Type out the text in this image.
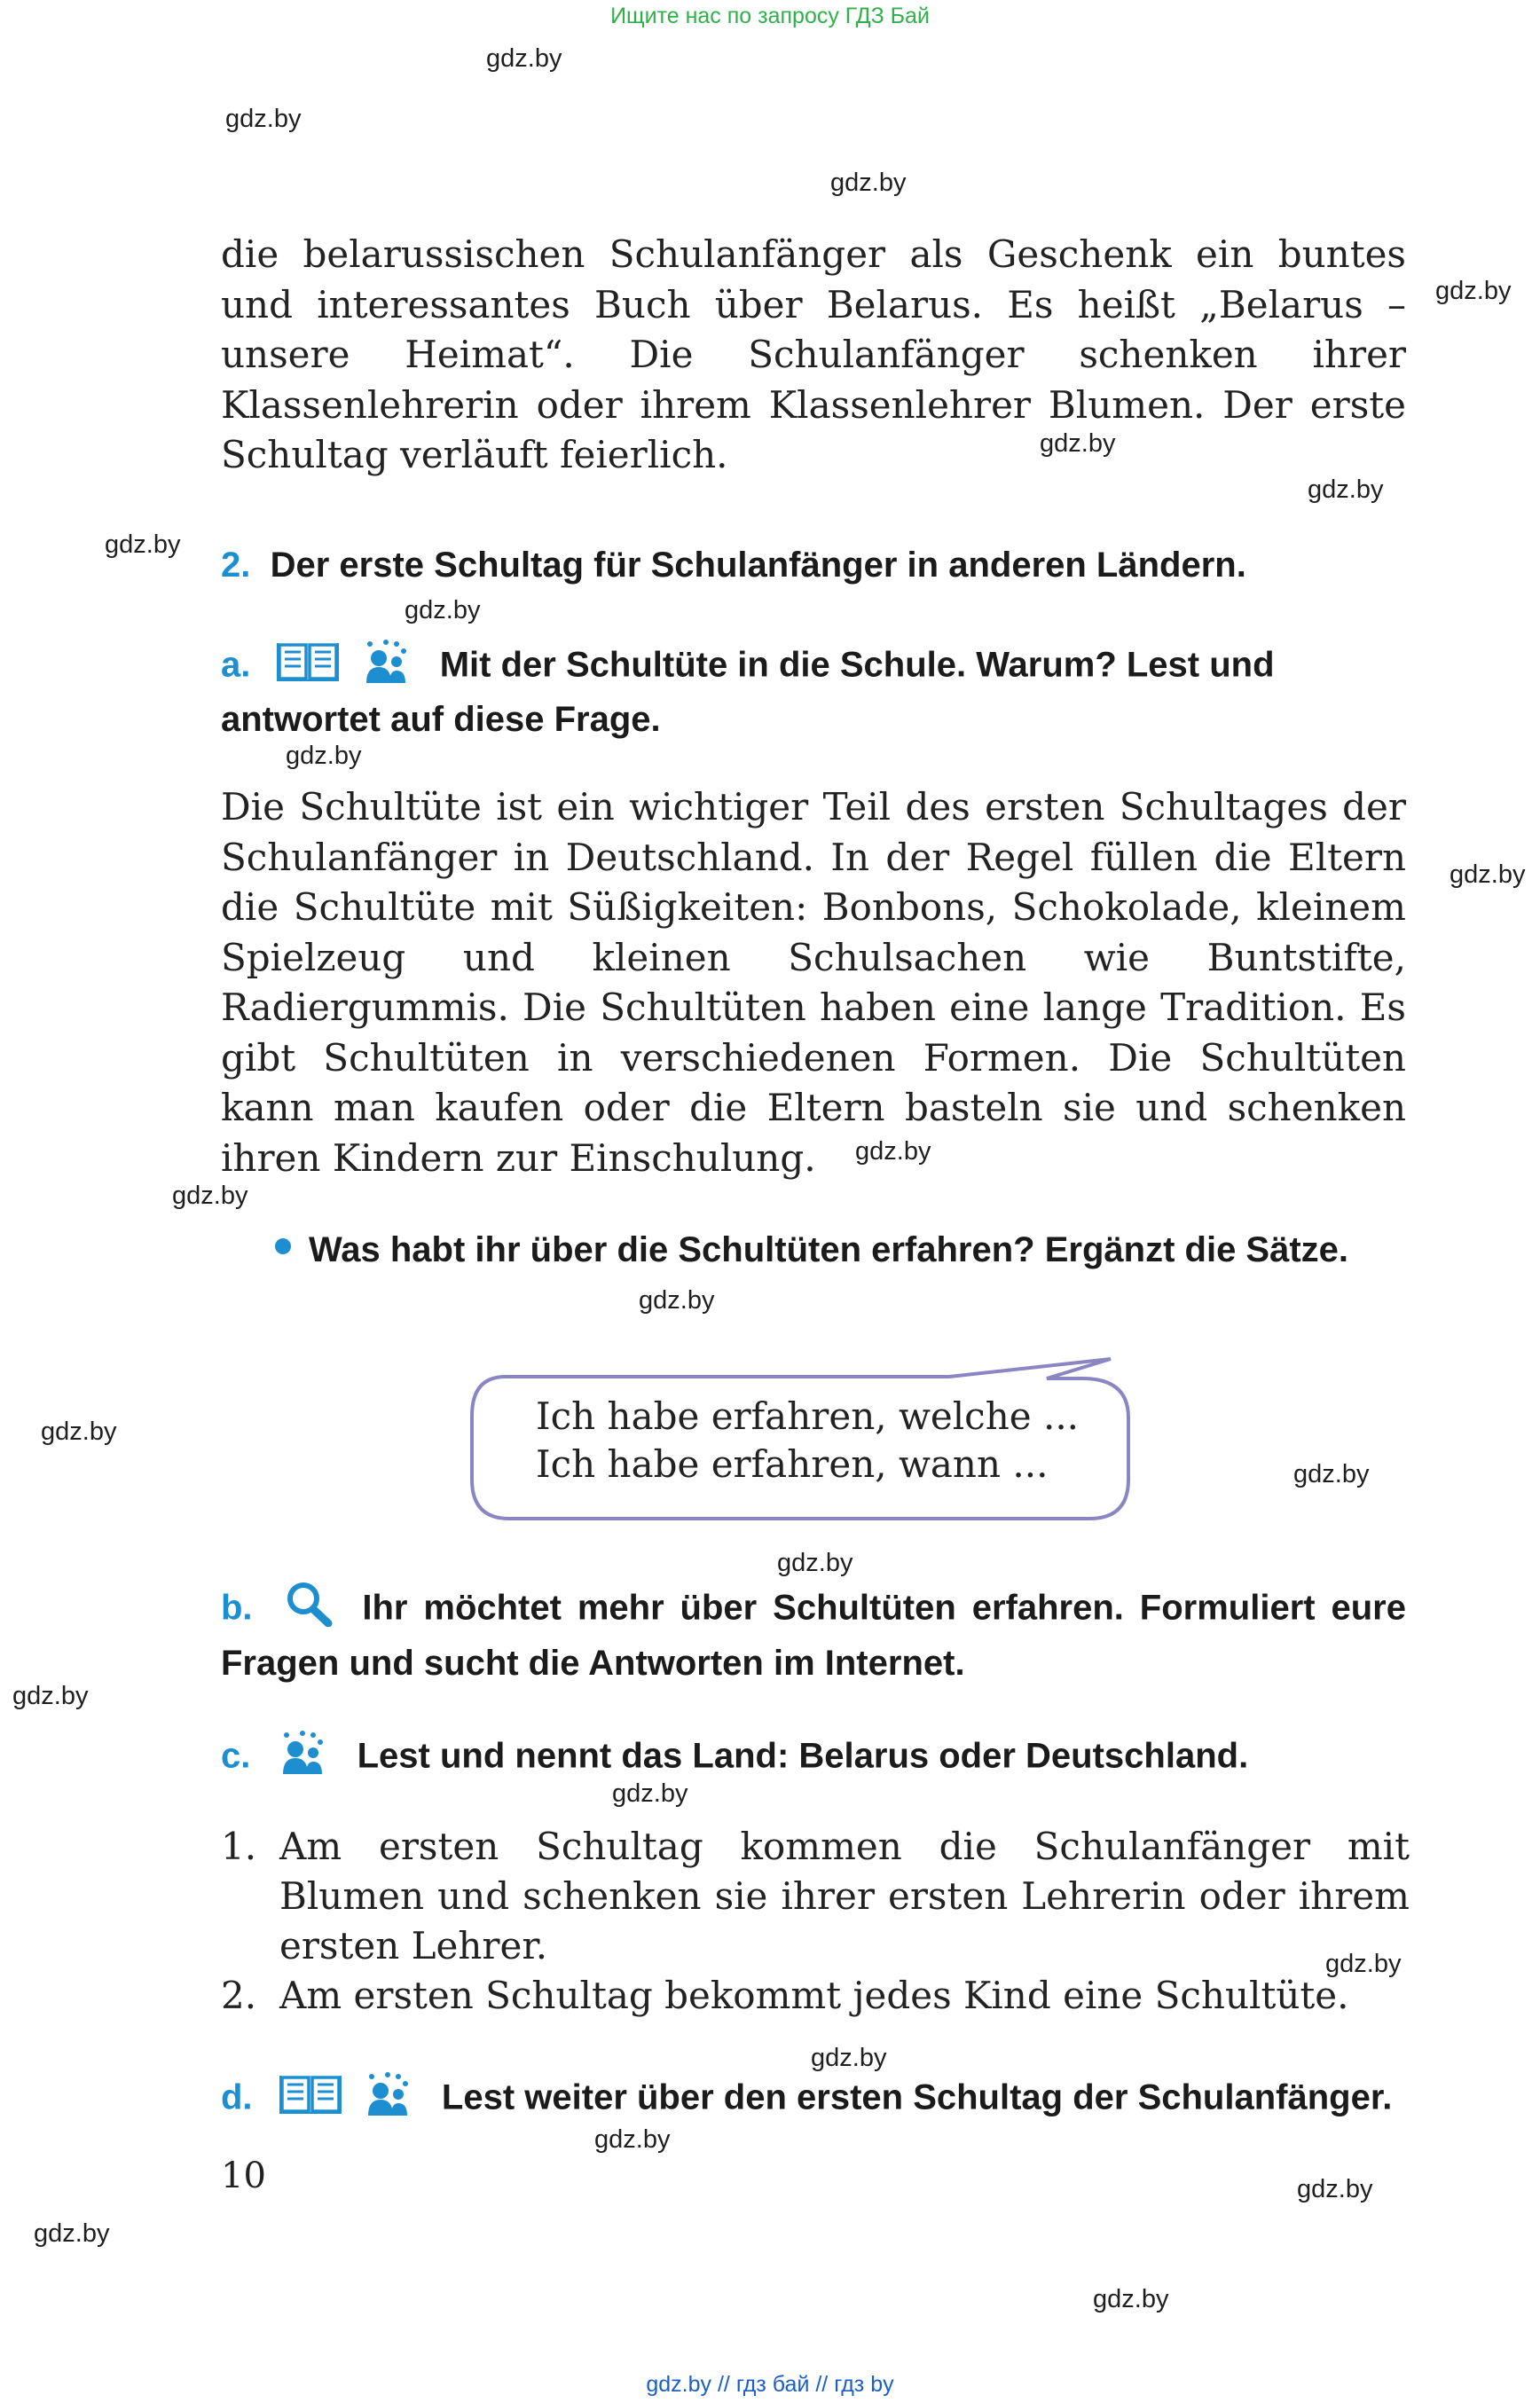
Ищите нас по запросу ГДЗ Бай
gdz.by
gdz.by
gdz.by
gdz.by
gdz.by
gdz.by
gdz.by
gdz.by
gdz.by
gdz.by
gdz.by
gdz.by
gdz.by
gdz.by
gdz.by
gdz.by
gdz.by
gdz.by
gdz.by
gdz.by
gdz.by
gdz.by
gdz.by
gdz.by
die belarussischen Schulanfänger als Geschenk ein buntes und interessantes Buch über Belarus. Es heißt „Belarus – unsere Heimat“. Die Schulanfänger schenken ihrer Klassenlehrerin oder ihrem Klassenlehrer Blumen. Der erste Schultag verläuft feierlich.
2. Der erste Schultag für Schulanfänger in anderen Ländern.
a.	Mit der Schultüte in die Schule. Warum? Lest und antwortet auf diese Frage.
Die Schultüte ist ein wichtiger Teil des ersten Schultages der Schulanfänger in Deutschland. In der Regel füllen die Eltern die Schultüte mit Süßigkeiten: Bonbons, Schokolade, kleinem Spielzeug und kleinen Schulsachen wie Buntstifte, Radiergummis. Die Schultüten haben eine lange Tradition. Es gibt Schultüten in verschiedenen Formen. Die Schultüten kann man kaufen oder die Eltern basteln sie und schenken ihren Kindern zur Einschulung.
Was habt ihr über die Schultüten erfahren? Ergänzt die Sätze.
Ich habe erfahren, welche ...
Ich habe erfahren, wann ...
b.	Ihr möchtet mehr über Schultüten erfahren. Formuliert eure Fragen und sucht die Antworten im Internet.
c.	Lest und nennt das Land: Belarus oder Deutschland.
1. Am ersten Schultag kommen die Schulanfänger mit Blumen und schenken sie ihrer ersten Lehrerin oder ihrem ersten Lehrer.
2. Am ersten Schultag bekommt jedes Kind eine Schultüte.
d.	Lest weiter über den ersten Schultag der Schulanfänger.
10
gdz.by // гдз бай // гдз by
